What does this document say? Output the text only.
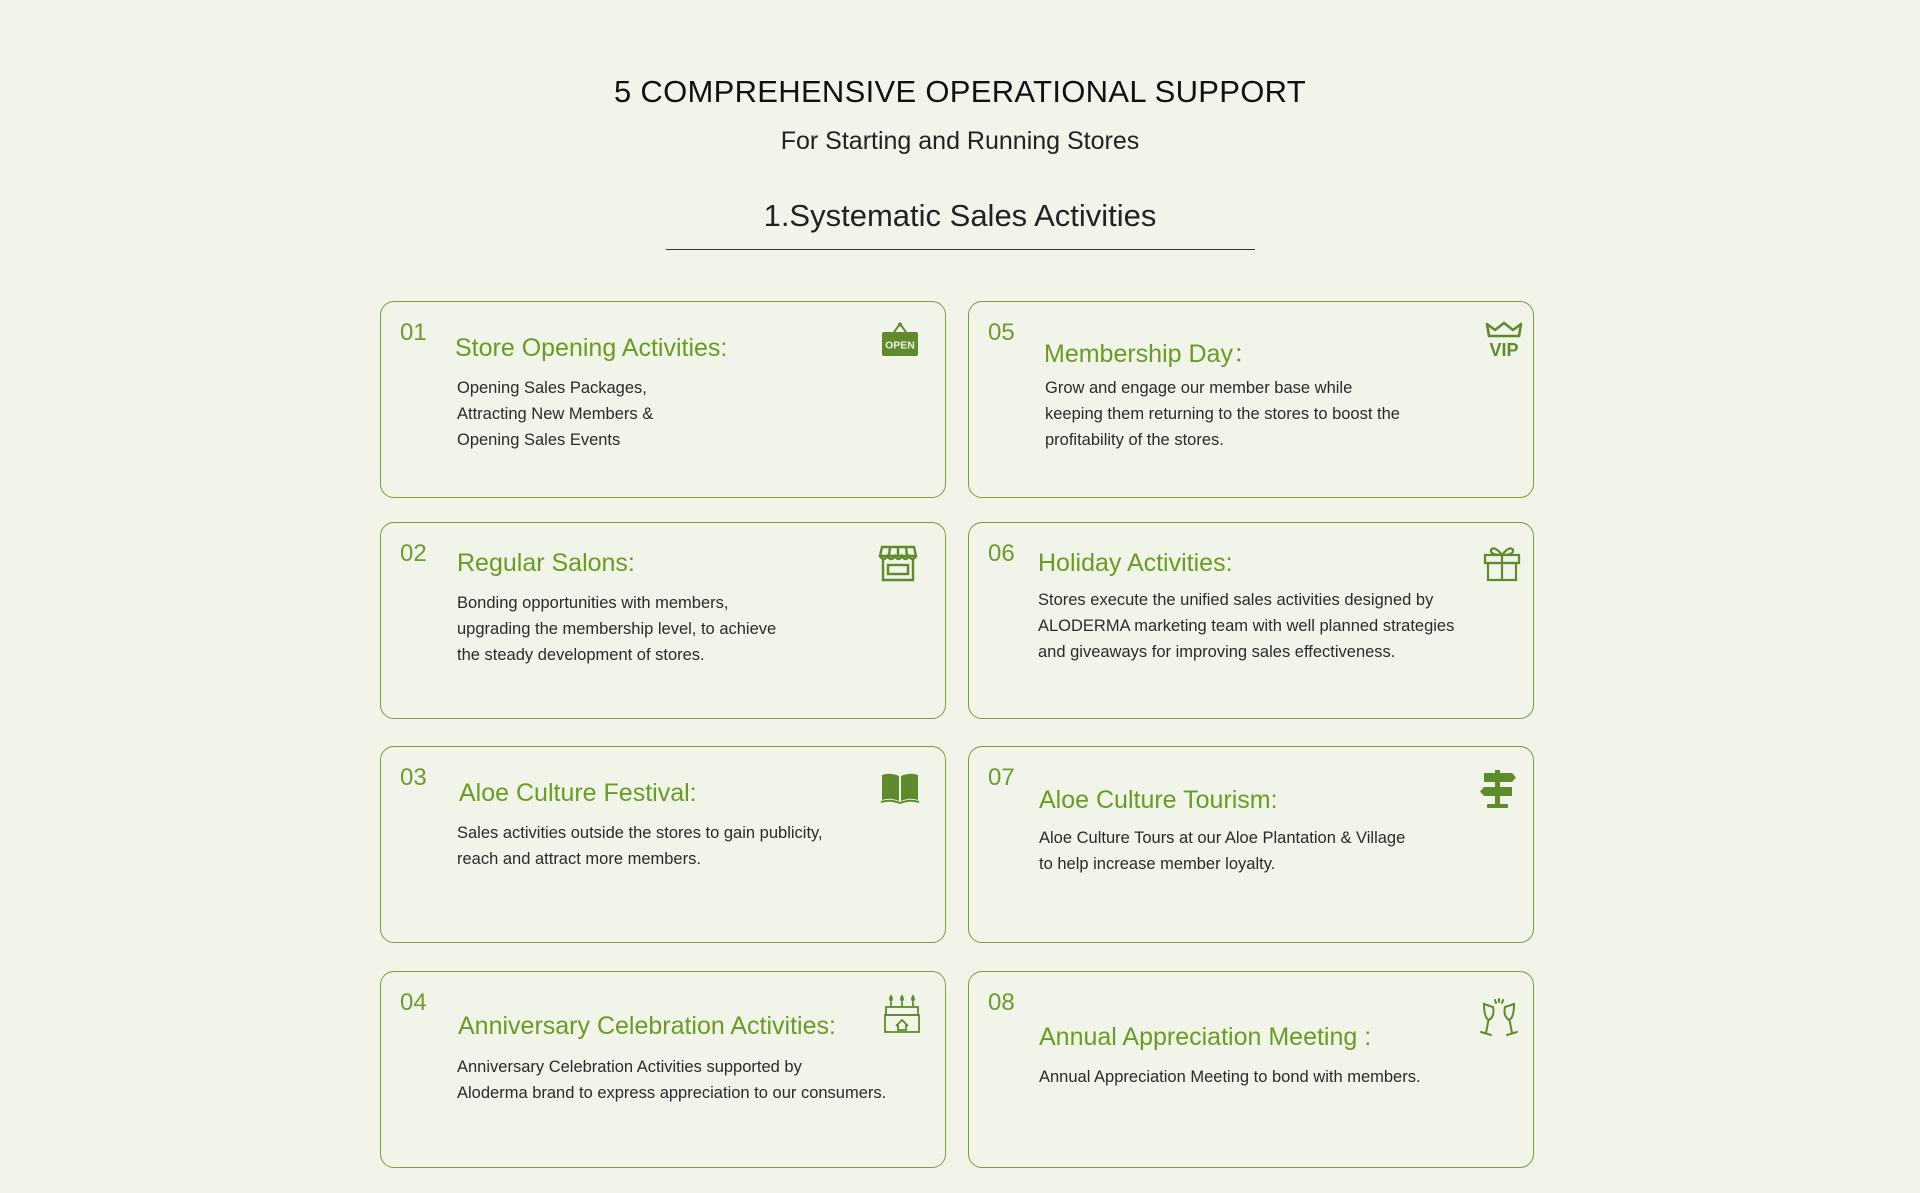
5 COMPREHENSIVE OPERATIONAL SUPPORT
For Starting and Running Stores
1.Systematic Sales Activities
01
Store Opening Activities:
Opening Sales Packages,
Attracting New Members &
Opening Sales Events
OPEN
02 Regular Salons:
Bonding opportunities with members,
upgrading the membership level, to achieve
the steady development of stores.
03
Aloe Culture Festival:
Sales activities outside the stores to gain publicity,
reach and attract more members.
04
Anniversary Celebration Activities:
Anniversary Celebration Activities supported by
Aloderma brand to express appreciation to our consumers.
05
Membership Day：
Grow and engage our member base while
keeping them returning to the stores to boost the
profitability of the stores.
VIP
06 Holiday Activities:
Stores execute the unified sales activities designed by
ALODERMA marketing team with well planned strategies
and giveaways for improving sales effectiveness.
07
Aloe Culture Tourism:
Aloe Culture Tours at our Aloe Plantation & Village
to help increase member loyalty.
08
Annual Appreciation Meeting :
Annual Appreciation Meeting to bond with members.
